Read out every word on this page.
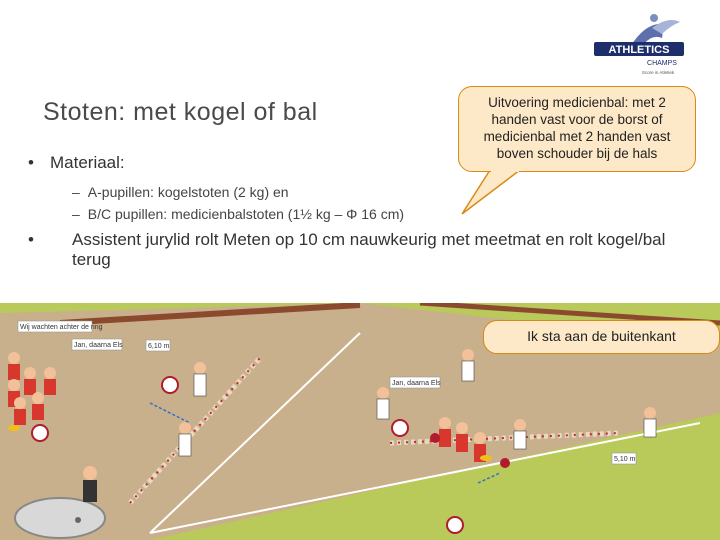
ATHLETICS
CHAMPS
Score in Atletiek
Stoten: met kogel of bal	Uitvoering medicienbal: met 2 handen vast voor de borst of medicienbal met 2 handen vast boven schouder bij de hals
• Materiaal:
– A-pupillen: kogelstoten (2 kg) en
– B/C pupillen: medicienbalstoten (1½ kg – Φ 16 cm)
•	Assistent jurylid rolt Meten op 10 cm nauwkeurig met meetmat en rolt kogel/bal terug
Wij wachten achter de ring
Jan, daarna Els	6,10 m
Jan, daarna Els
5,10 m
Ik sta aan de buitenkant
